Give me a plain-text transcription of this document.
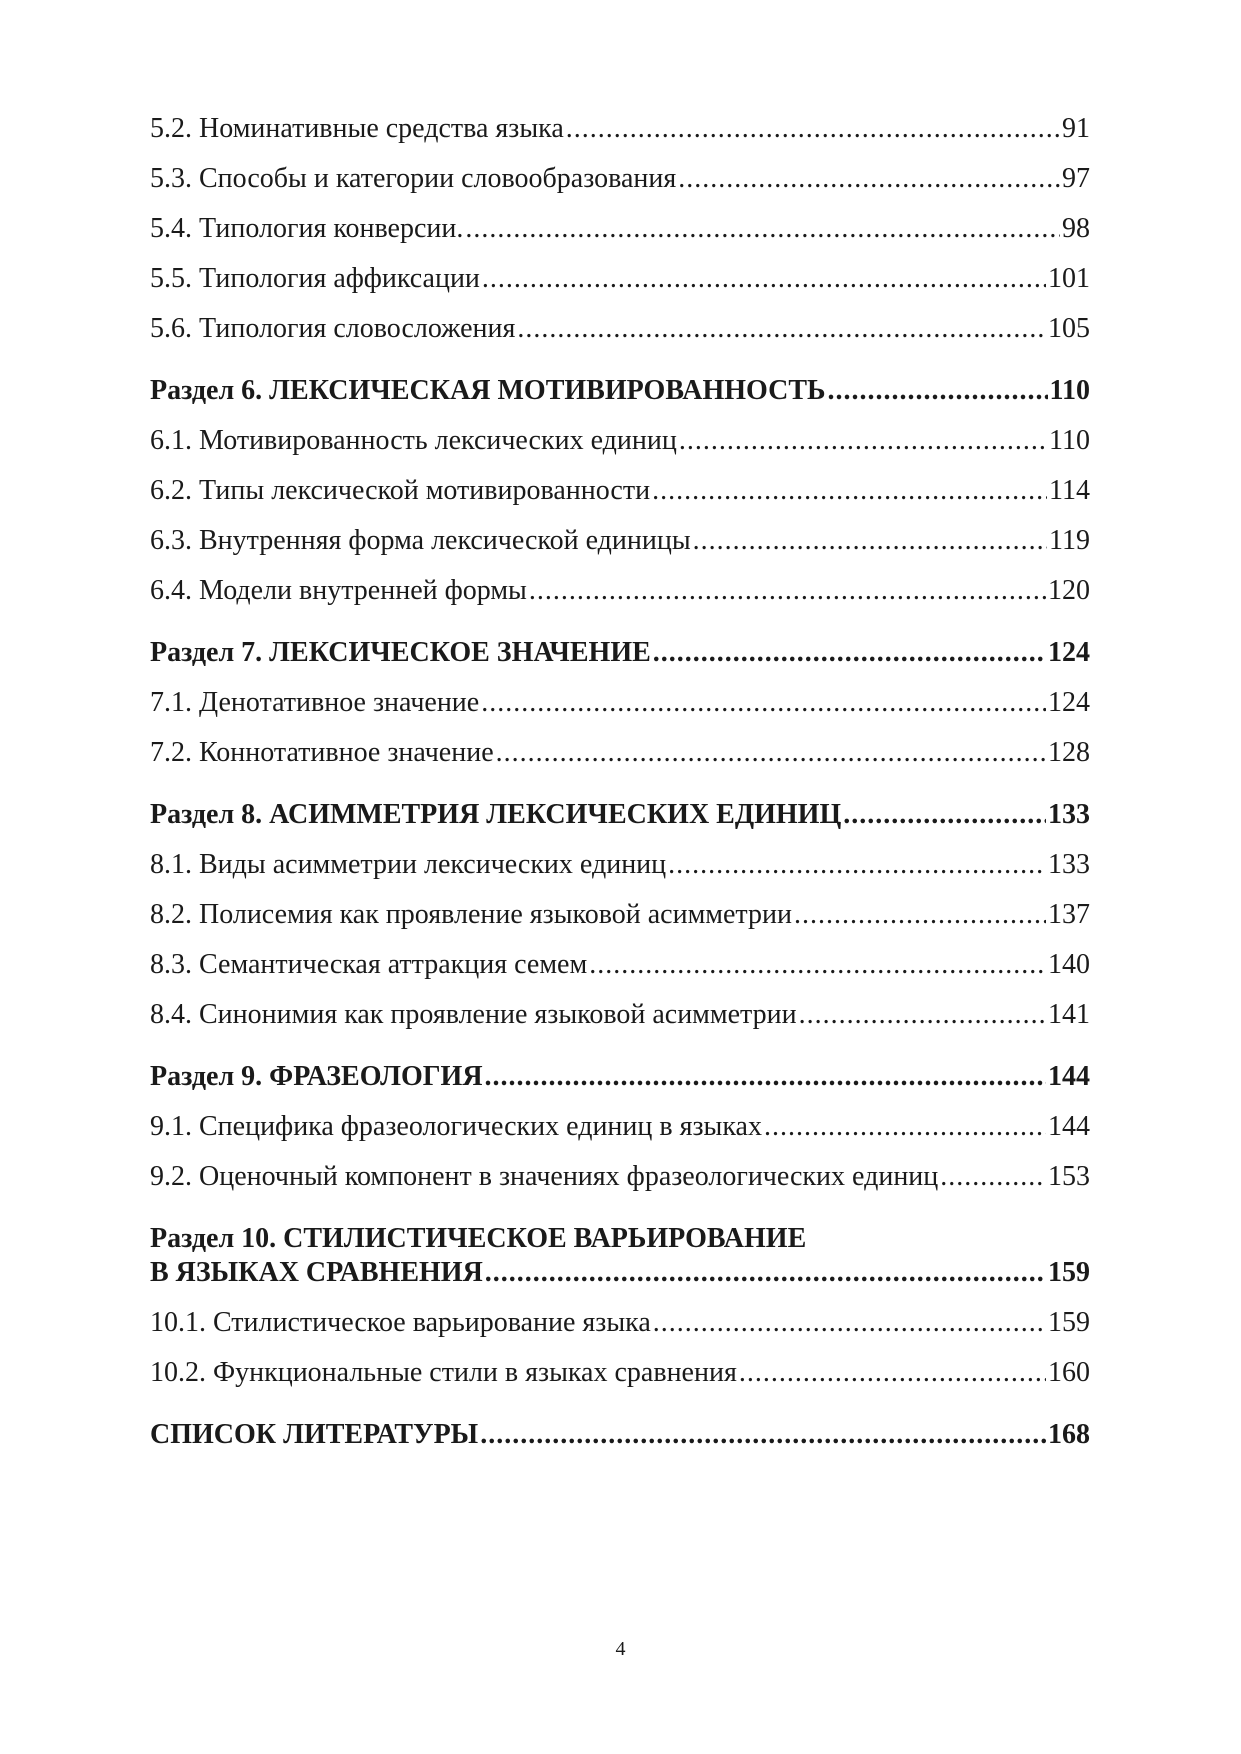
5.2. Номинативные средства языка .....	91
5.3. Способы и категории словообразования .....	97
5.4. Типология конверсии. .....	98
5.5. Типология аффиксации .....	101
5.6. Типология словосложения .....	105
Раздел 6. ЛЕКСИЧЕСКАЯ МОТИВИРОВАННОСТЬ .....	110
6.1. Мотивированность лексических единиц .....	110
6.2. Типы лексической мотивированности .....	114
6.3. Внутренняя форма лексической единицы .....	119
6.4. Модели внутренней формы .....	120
Раздел 7. ЛЕКСИЧЕСКОЕ ЗНАЧЕНИЕ .....	124
7.1. Денотативное значение .....	124
7.2. Коннотативное значение .....	128
Раздел 8. АСИММЕТРИЯ ЛЕКСИЧЕСКИХ ЕДИНИЦ .....	133
8.1. Виды асимметрии лексических единиц .....	133
8.2. Полисемия как проявление языковой асимметрии .....	137
8.3. Семантическая аттракция семем .....	140
8.4. Синонимия как проявление языковой асимметрии .....	141
Раздел 9. ФРАЗЕОЛОГИЯ .....	144
9.1. Специфика фразеологических единиц в языках .....	144
9.2. Оценочный компонент в значениях фразеологических единиц .....	153
Раздел 10. СТИЛИСТИЧЕСКОЕ ВАРЬИРОВАНИЕ
В ЯЗЫКАХ СРАВНЕНИЯ .....	159
10.1. Стилистическое варьирование языка .....	159
10.2. Функциональные стили в языках сравнения .....	160
СПИСОК ЛИТЕРАТУРЫ .....	168
4
